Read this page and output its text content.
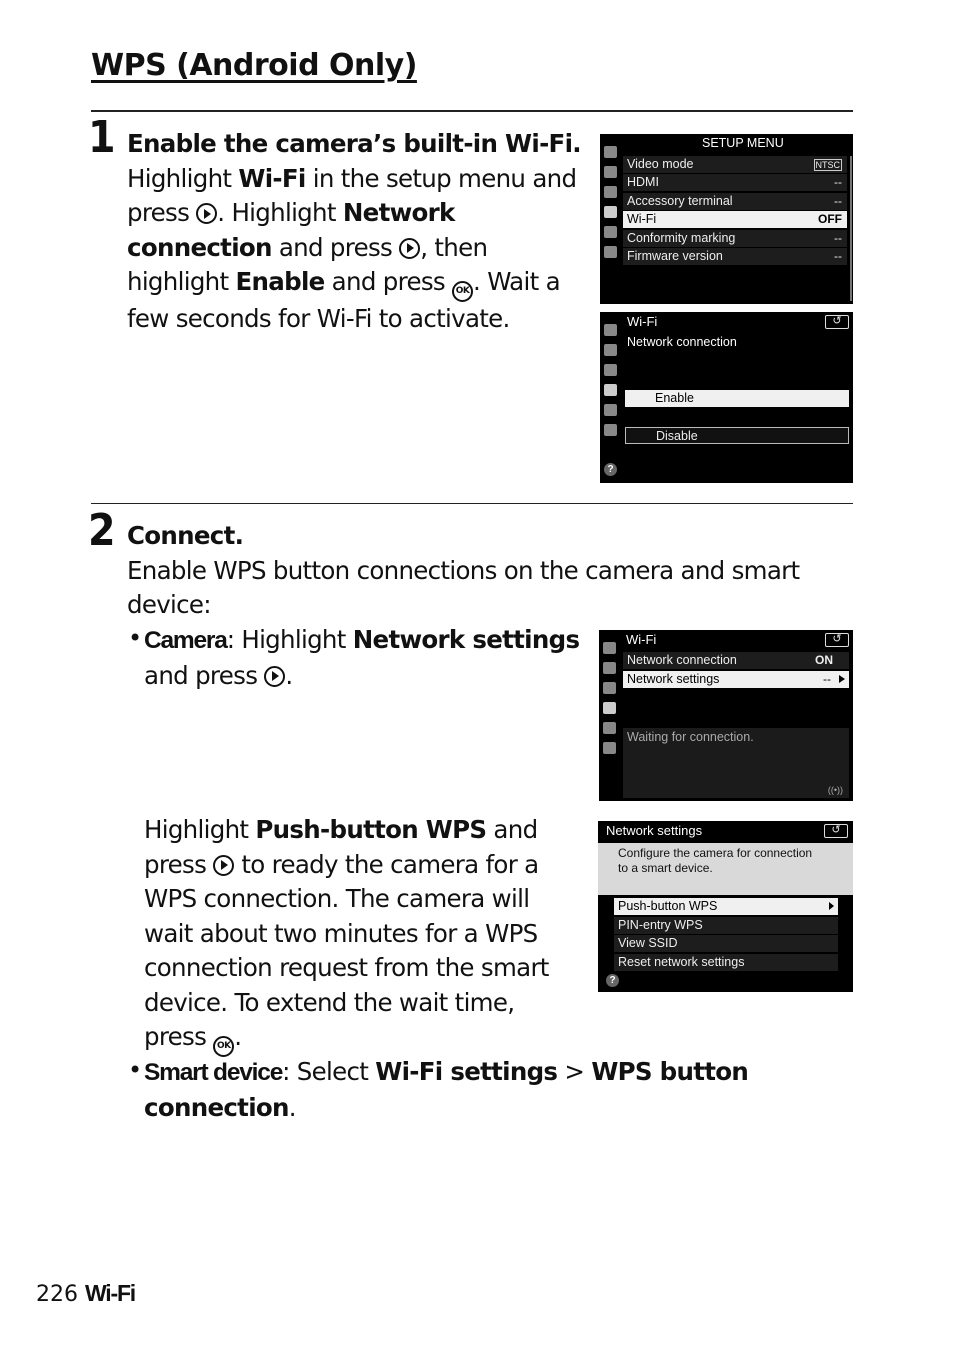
WPS (Android Only)
1 Enable the camera’s built-in Wi-Fi.
Highlight Wi-Fi in the setup menu and press . Highlight Network connection and press , then highlight Enable and press OK . Wait a few seconds for Wi-Fi to activate.
SETUP MENU
Video mode	NTSC
HDMI	--
Accessory terminal	--
Wi-Fi	OFF
Conformity marking	--
Firmware version	--
Wi-Fi	↺
Network connection
Enable
Disable
?
2 Connect.
Enable WPS button connections on the camera and smart device:
• Camera: Highlight Network settings and press .
Wi-Fi	↺
Network connection	ON
Network settings	--
Waiting for connection.
((•))
Highlight Push-button WPS and press  to ready the camera for a WPS connection. The camera will wait about two minutes for a WPS connection request from the smart device. To extend the wait time, press OK .
Network settings	↺
Configure the camera for connection
to a smart device.
Push-button WPS
PIN-entry WPS
View SSID
Reset network settings
?
• Smart device: Select Wi-Fi settings > WPS button connection.
226 Wi-Fi
